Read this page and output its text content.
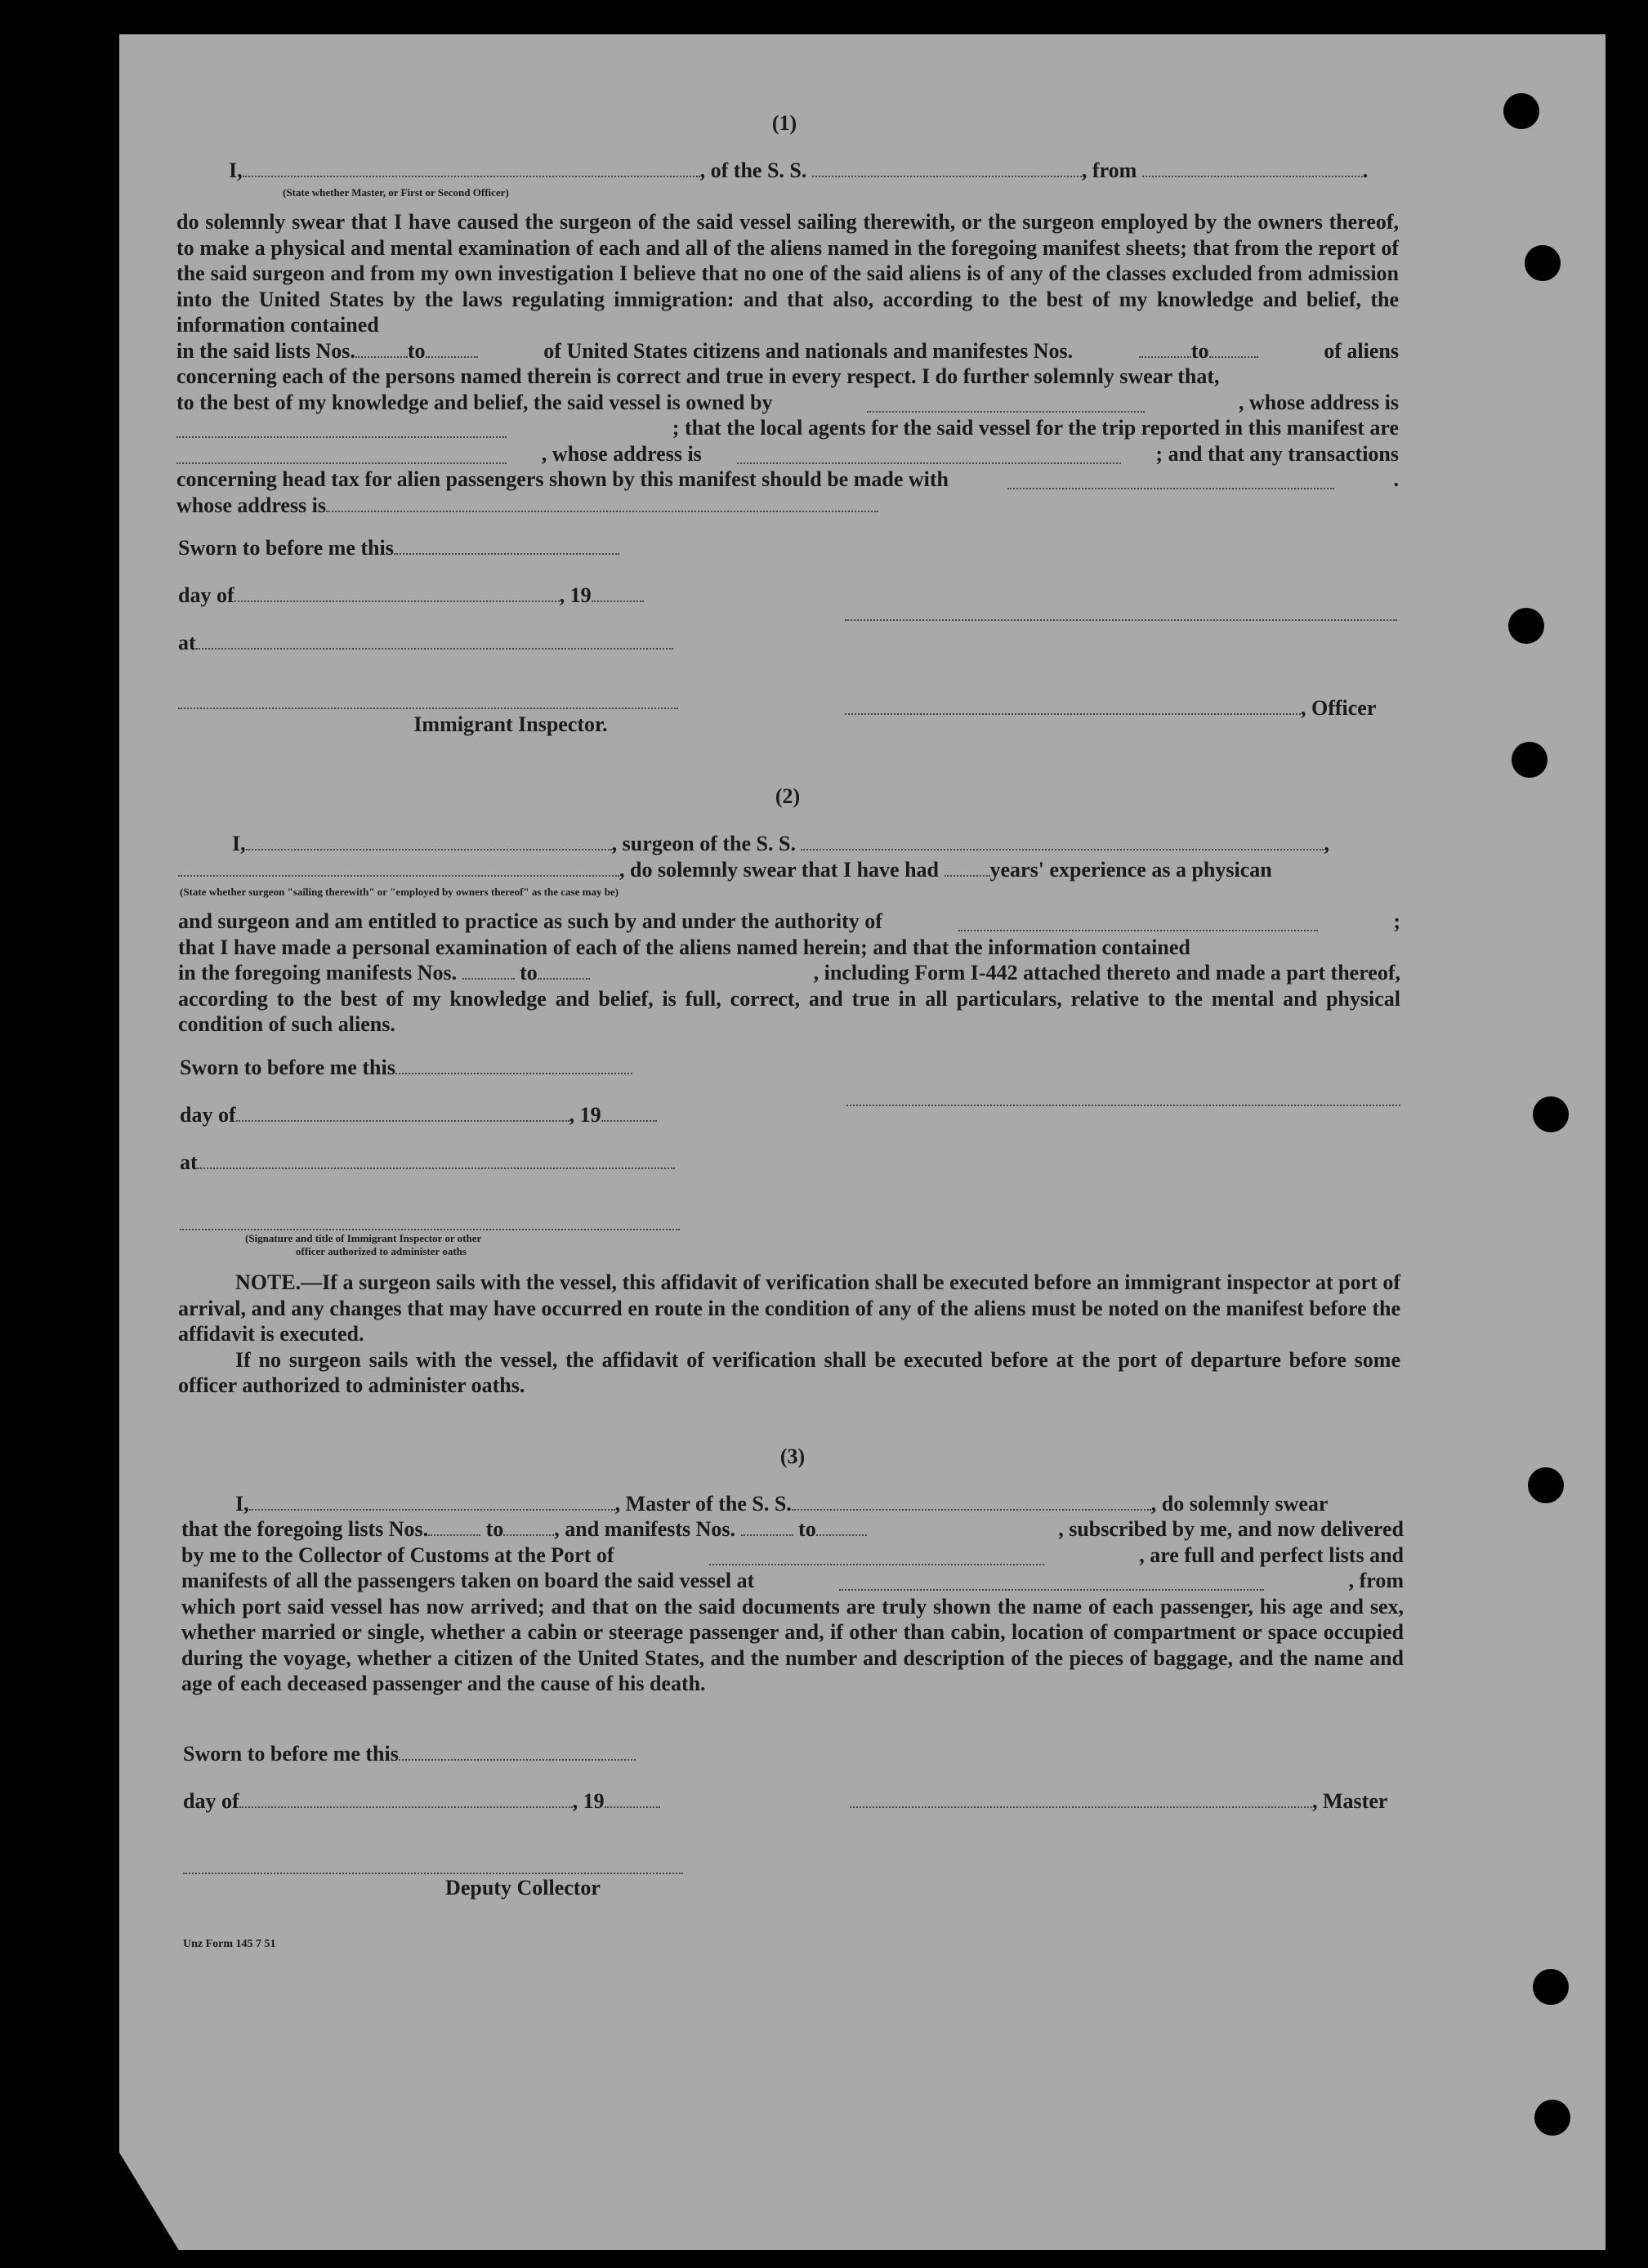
(1)
I,	, of the S. S.	, from	.
(State whether Master, or First or Second Officer)

do solemnly swear that I have caused the surgeon of the said vessel sailing therewith, or the surgeon employed by the owners thereof, to make a physical and mental examination of each and all of the aliens named in the foregoing manifest sheets; that from the report of the said surgeon and from my own investigation I believe that no one of the said aliens is of any of the classes excluded from admission into the United States by the laws regulating immigration: and that also, according to the best of my knowledge and belief, the information contained

in the said lists Nos. to	of United States citizens and nationals and manifestes Nos.	to	of aliens

concerning each of the persons named therein is correct and true in every respect. I do further solemnly swear that,

to the best of my knowledge and belief, the said vessel is owned by	, whose address is
; that the local agents for the said vessel for the trip reported in this manifest are
, whose address is	; and that any transactions
concerning head tax for alien passengers shown by this manifest should be made with	.
whose address is
Sworn to before me this
day of	, 19
at
, Officer
Immigrant Inspector.
(2)
I,	, surgeon of the S. S.	,
, do solemnly swear that I have had years' experience as a physican
(State whether surgeon "sailing therewith" or "employed by owners thereof" as the case may be)
and surgeon and am entitled to practice as such by and under the authority of	;

that I have made a personal examination of each of the aliens named herein; and that the information contained

in the foregoing manifests Nos.	to	, including Form I-442 attached thereto and made a part thereof,

according to the best of my knowledge and belief, is full, correct, and true in all particulars, relative to the mental and physical condition of such aliens.

Sworn to before me this
day of	, 19
at
(Signature and title of Immigrant Inspector or other
officer authorized to administer oaths

NOTE.—If a surgeon sails with the vessel, this affidavit of verification shall be executed before an immigrant inspector at port of arrival, and any changes that may have occurred en route in the condition of any of the aliens must be noted on the manifest before the affidavit is executed.

If no surgeon sails with the vessel, the affidavit of verification shall be executed before at the port of departure before some officer authorized to administer oaths.

(3)
I,	, Master of the S. S.	, do solemnly swear
that the foregoing lists Nos.	to , and manifests Nos.	to	, subscribed by me, and now delivered
by me to the Collector of Customs at the Port of	, are full and perfect lists and
manifests of all the passengers taken on board the said vessel at	, from

which port said vessel has now arrived; and that on the said documents are truly shown the name of each passenger, his age and sex, whether married or single, whether a cabin or steerage passenger and, if other than cabin, location of compartment or space occupied during the voyage, whether a citizen of the United States, and the number and description of the pieces of baggage, and the name and age of each deceased passenger and the cause of his death.

Sworn to before me this
day of	, 19	, Master
Deputy Collector
Unz Form 145 7 51
